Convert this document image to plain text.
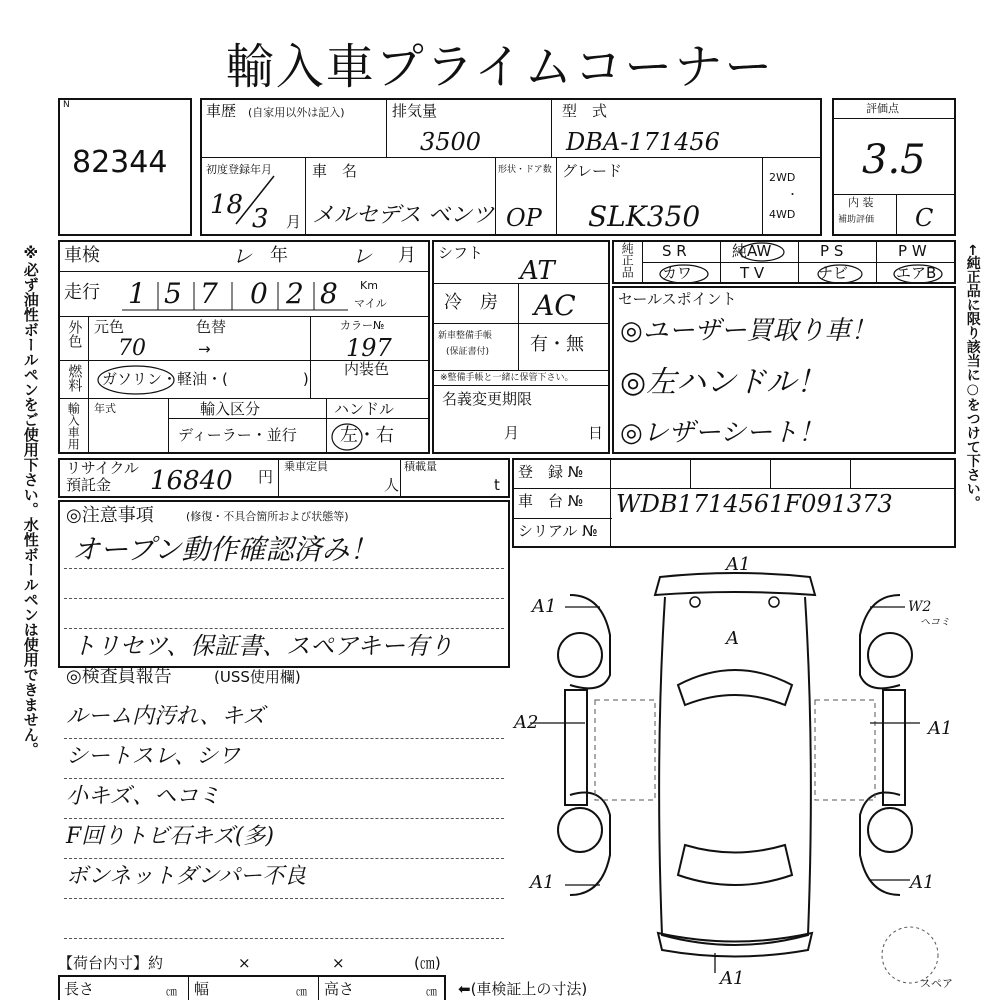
輸入車プライムコーナー
※必ず油性ボールペンをご使用下さい。水性ボールペンは使用できません。	←純正品に限り該当に○をつけて下さい。
N
82344
車歴 (自家用以外は記入)	排気量
3500
型　式
DBA-171456
初度登録年月
18 3 月
車　名
メルセデス ベンツ
形状・ドア数
OP
グレード
SLK350
2WD
・
4WD
評価点
3.5
内 装
補助評価 C
車検	レ 年	レ 月
走行 1 5 7 0 2 8 Km
マイル
外色 元色	色替
70	→
カラー№
197
燃料 ガソリン・軽油・(　　　　　)
内装色
輸入車用 年式	輸入区分
ディーラー・並行
ハンドル
左・右
シフト
AT
冷　房 AC
新車整備手帳
(保証書付) 有・無
※整備手帳と一緒に保管下さい。
名義変更期限
月	日
純正品 S R	純AW	P S	P W
カワ	T V	ナビ	エアB
セールスポイント
◎ユーザー買取り車！
◎左ハンドル！
◎レザーシート！
リサイクル
預託金 16840 円
乗車定員
人
積載量
t
登　録 №
車　台 № WDB1714561F091373
シリアル №
◎注意事項	(修復・不具合箇所および状態等)
オープン動作確認済み！
トリセツ、保証書、スペアキー有り
◎検査員報告	(USS使用欄)
ルーム内汚れ、キズ
シートスレ、シワ
小キズ、ヘコミ
F回りトビ石キズ(多)
ボンネットダンパー不良
A1
A
A1	W2
ヘコミ
A2	A1
A1	A1
A1	スペア
【荷台内寸】約	×	×	(㎝)
長さ	㎝ 幅	㎝ 高さ	㎝ ⬅(車検証上の寸法)
